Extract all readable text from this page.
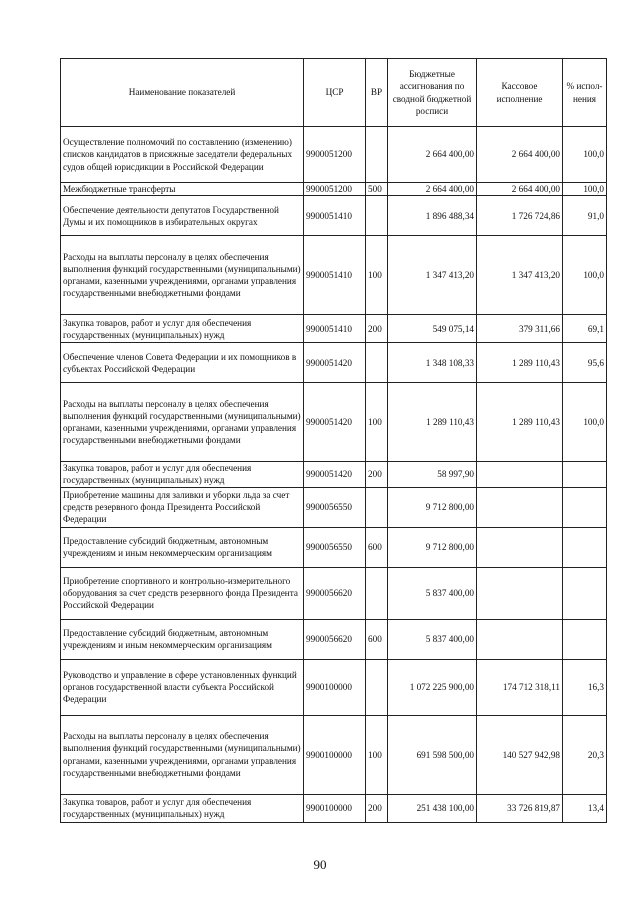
Наименование показателей	ЦСР	ВР	Бюджетные ассигнования по сводной бюджетной росписи	Кассовое исполнение	% испол-нения
Осуществление полномочий по составлению (изменению) списков кандидатов в присяжные заседатели федеральных судов общей юрисдикции в Российской Федерации	9900051200		2 664 400,00	2 664 400,00	100,0
Межбюджетные трансферты	9900051200	500	2 664 400,00	2 664 400,00	100,0
Обеспечение деятельности депутатов Государственной Думы и их помощников в избирательных округах	9900051410		1 896 488,34	1 726 724,86	91,0
Расходы на выплаты персоналу в целях обеспечения выполнения функций государственными (муниципальными) органами, казенными учреждениями, органами управления государственными внебюджетными фондами	9900051410	100	1 347 413,20	1 347 413,20	100,0
Закупка товаров, работ и услуг для обеспечения государственных (муниципальных) нужд	9900051410	200	549 075,14	379 311,66	69,1
Обеспечение членов Совета Федерации и их помощников в субъектах Российской Федерации	9900051420		1 348 108,33	1 289 110,43	95,6
Расходы на выплаты персоналу в целях обеспечения выполнения функций государственными (муниципальными) органами, казенными учреждениями, органами управления государственными внебюджетными фондами	9900051420	100	1 289 110,43	1 289 110,43	100,0
Закупка товаров, работ и услуг для обеспечения государственных (муниципальных) нужд	9900051420	200	58 997,90		
Приобретение машины для заливки и уборки льда за счет средств резервного фонда Президента Российской Федерации	9900056550		9 712 800,00		
Предоставление субсидий бюджетным, автономным учреждениям и иным некоммерческим организациям	9900056550	600	9 712 800,00		
Приобретение спортивного и контрольно-измерительного оборудования за счет средств резервного фонда Президента Российской Федерации	9900056620		5 837 400,00		
Предоставление субсидий бюджетным, автономным учреждениям и иным некоммерческим организациям	9900056620	600	5 837 400,00		
Руководство и управление в сфере установленных функций органов государственной власти субъекта Российской Федерации	9900100000		1 072 225 900,00	174 712 318,11	16,3
Расходы на выплаты персоналу в целях обеспечения выполнения функций государственными (муниципальными) органами, казенными учреждениями, органами управления государственными внебюджетными фондами	9900100000	100	691 598 500,00	140 527 942,98	20,3
Закупка товаров, работ и услуг для обеспечения государственных (муниципальных) нужд	9900100000	200	251 438 100,00	33 726 819,87	13,4
90
